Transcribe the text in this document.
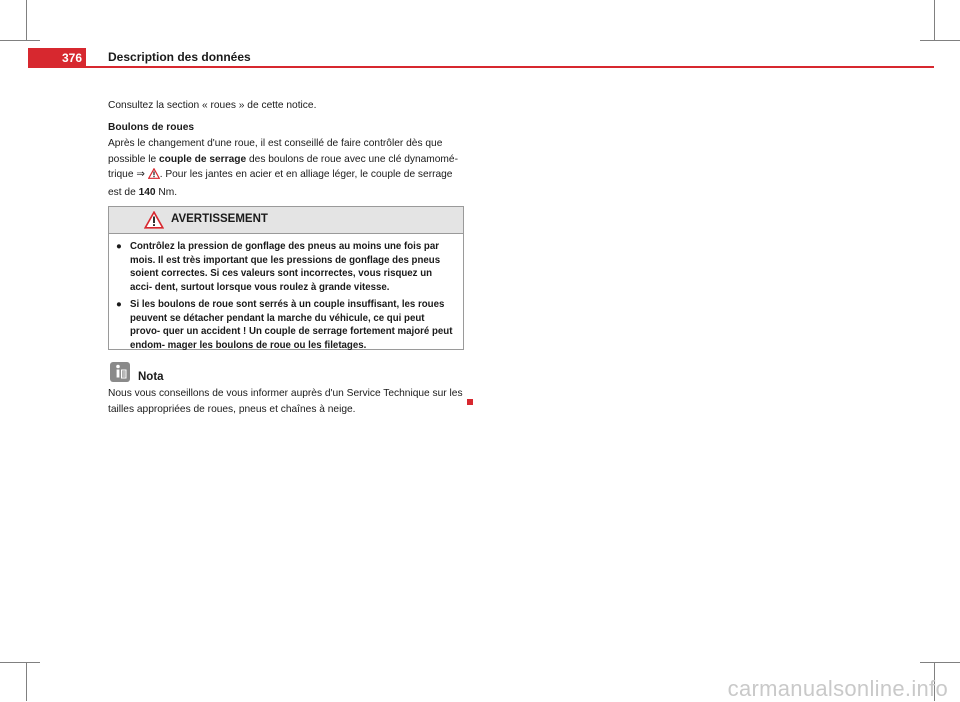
376	Description des données

Consultez la section « roues » de cette notice.

Boulons de roues

Après le changement d'une roue, il est conseillé de faire contrôler dès que possible le couple de serrage des boulons de roue avec une clé dynamomé- trique ⇒ . Pour les jantes en acier et en alliage léger, le couple de serrage est de 140 Nm.

AVERTISSEMENT
● Contrôlez la pression de gonflage des pneus au moins une fois par mois. Il est très important que les pressions de gonflage des pneus soient correctes. Si ces valeurs sont incorrectes, vous risquez un acci- dent, surtout lorsque vous roulez à grande vitesse.
● Si les boulons de roue sont serrés à un couple insuffisant, les roues peuvent se détacher pendant la marche du véhicule, ce qui peut provo- quer un accident ! Un couple de serrage fortement majoré peut endom- mager les boulons de roue ou les filetages.
Nota
Nous vous conseillons de vous informer auprès d'un Service Technique sur les tailles appropriées de roues, pneus et chaînes à neige.
carmanualsonline.info
